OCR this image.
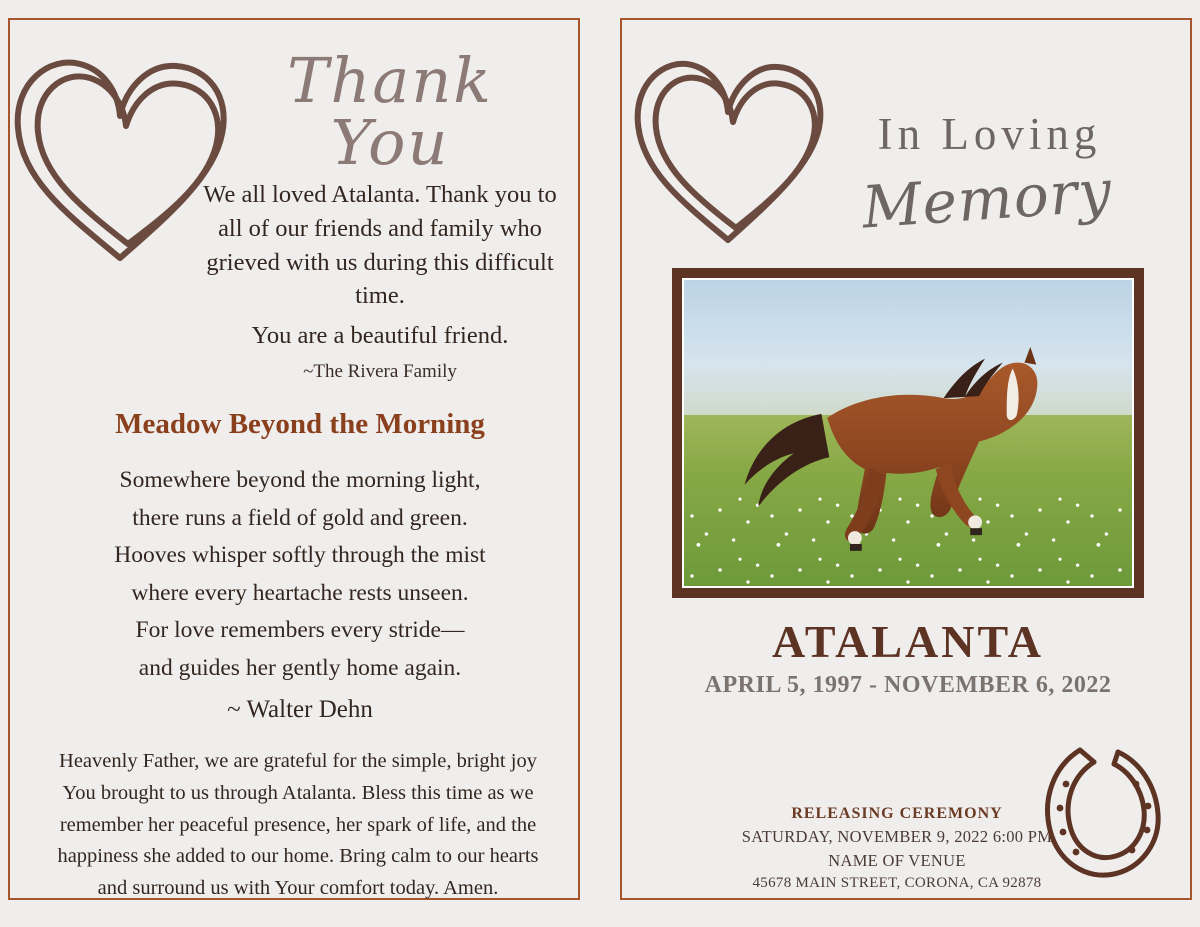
Thank You
We all loved Atalanta. Thank you to all of our friends and family who grieved with us during this difficult time.
You are a beautiful friend.
~The Rivera Family
Meadow Beyond the Morning
Somewhere beyond the morning light,
there runs a field of gold and green.
Hooves whisper softly through the mist
where every heartache rests unseen.
For love remembers every stride—
and guides her gently home again.
~ Walter Dehn
Heavenly Father, we are grateful for the simple, bright joy You brought to us through Atalanta. Bless this time as we remember her peaceful presence, her spark of life, and the happiness she added to our home. Bring calm to our hearts and surround us with Your comfort today. Amen.
In Loving
Memory
ATALANTA
APRIL 5, 1997 - NOVEMBER 6, 2022
RELEASING CEREMONY
SATURDAY, NOVEMBER 9, 2022 6:00 PM
NAME OF VENUE
45678 MAIN STREET, CORONA, CA 92878
